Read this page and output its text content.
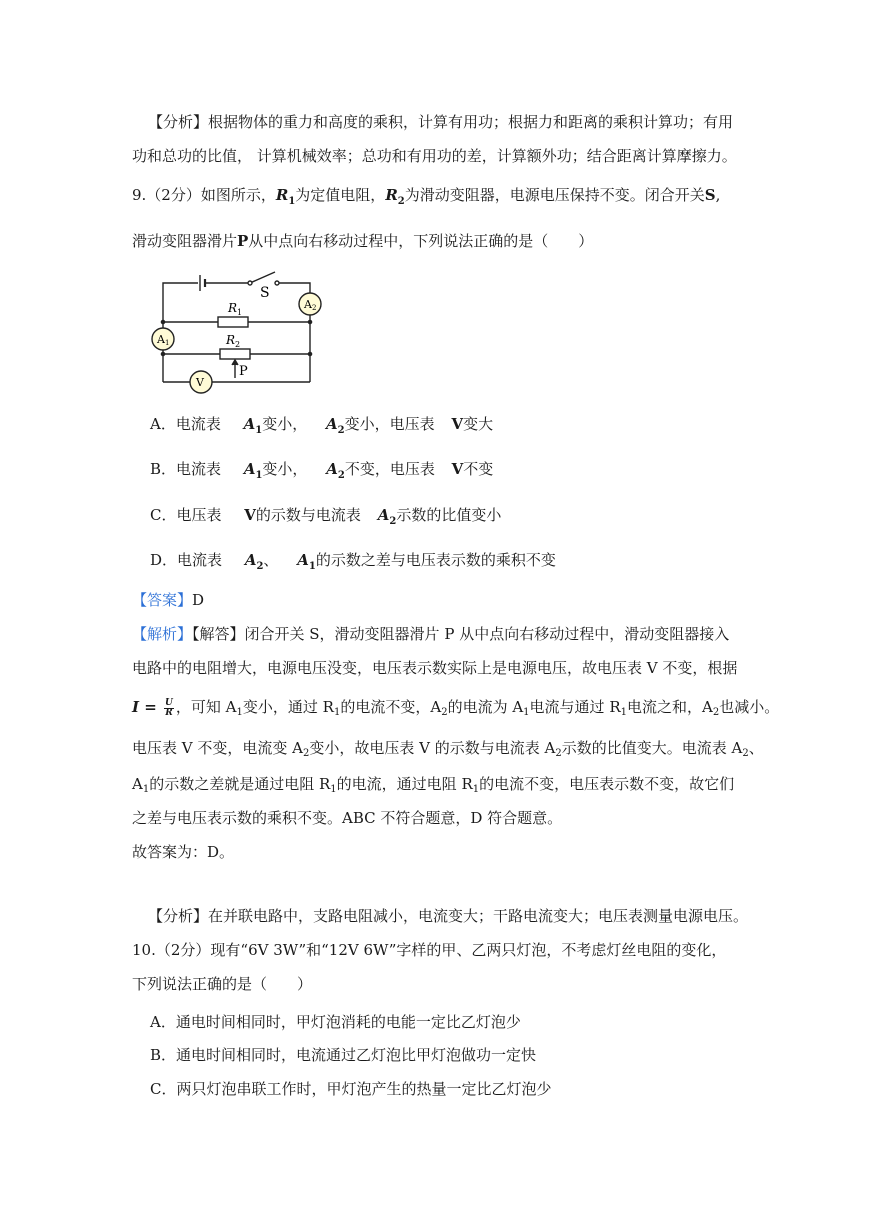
【分析】根据物体的重力和高度的乘积，计算有用功；根据力和距离的乘积计算功；有用
功和总功的比值， 计算机械效率；总功和有用功的差，计算额外功；结合距离计算摩擦力。
9.（2分）如图所示，$R_1$为定值电阻，$R_2$为滑动变阻器，电源电压保持不变。闭合开关S,
滑动变阻器滑片P从中点向右移动过程中，下列说法正确的是（　　）
S
A2
$R_1$
A1	$R_2$
P
V
A．电流表 $A_1$变小， $A_2$变小，电压表 V变大
B．电流表 $A_1$变小， $A_2$不变，电压表 V不变
C．电压表 V的示数与电流表 $A_2$示数的比值变小
D．电流表 $A_2$、 $A_1$的示数之差与电压表示数的乘积不变
【答案】D
【解析】【解答】闭合开关 S，滑动变阻器滑片 P 从中点向右移动过程中，滑动变阻器接入
电路中的电阻增大，电源电压没变，电压表示数实际上是电源电压，故电压表 V 不变，根据
$I = \frac{U}{R}$ ，可知 $A_1$变小，通过 $R_1$的电流不变，$A_2$的电流为 $A_1$电流与通过 $R_1$电流之和，$A_2$也减小。
电压表 V 不变，电流变 $A_2$变小，故电压表 V 的示数与电流表 $A_2$示数的比值变大。电流表 $A_2$、
$A_1$的示数之差就是通过电阻 $R_1$的电流，通过电阻 $R_1$的电流不变，电压表示数不变，故它们
之差与电压表示数的乘积不变。ABC 不符合题意，D 符合题意。
故答案为：D。
【分析】在并联电路中，支路电阻减小，电流变大；干路电流变大；电压表测量电源电压。
10.（2分）现有“6V 3W”和“12V 6W”字样的甲、乙两只灯泡，不考虑灯丝电阻的变化，
下列说法正确的是（　　）
A．通电时间相同时，甲灯泡消耗的电能一定比乙灯泡少
B．通电时间相同时，电流通过乙灯泡比甲灯泡做功一定快
C．两只灯泡串联工作时，甲灯泡产生的热量一定比乙灯泡少
